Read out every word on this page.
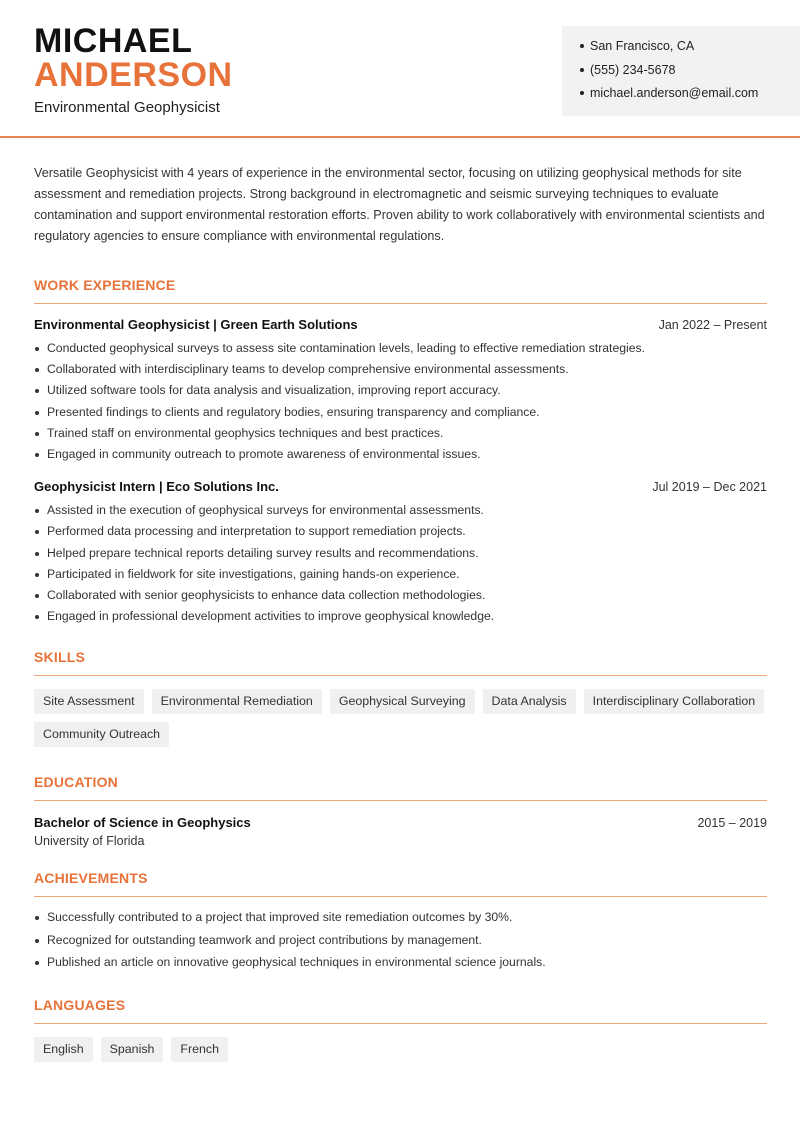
MICHAEL
ANDERSON
Environmental Geophysicist
San Francisco, CA
(555) 234-5678
michael.anderson@email.com

Versatile Geophysicist with 4 years of experience in the environmental sector, focusing on utilizing geophysical methods for site assessment and remediation projects. Strong background in electromagnetic and seismic surveying techniques to evaluate contamination and support environmental restoration efforts. Proven ability to work collaboratively with environmental scientists and regulatory agencies to ensure compliance with environmental regulations.

WORK EXPERIENCE
Environmental Geophysicist | Green Earth Solutions	Jan 2022 – Present
Conducted geophysical surveys to assess site contamination levels, leading to effective remediation strategies.
Collaborated with interdisciplinary teams to develop comprehensive environmental assessments.
Utilized software tools for data analysis and visualization, improving report accuracy.
Presented findings to clients and regulatory bodies, ensuring transparency and compliance.
Trained staff on environmental geophysics techniques and best practices.
Engaged in community outreach to promote awareness of environmental issues.
Geophysicist Intern | Eco Solutions Inc.	Jul 2019 – Dec 2021
Assisted in the execution of geophysical surveys for environmental assessments.
Performed data processing and interpretation to support remediation projects.
Helped prepare technical reports detailing survey results and recommendations.
Participated in fieldwork for site investigations, gaining hands-on experience.
Collaborated with senior geophysicists to enhance data collection methodologies.
Engaged in professional development activities to improve geophysical knowledge.
SKILLS
Site Assessment	Environmental Remediation	Geophysical Surveying	Data Analysis	Interdisciplinary Collaboration
Community Outreach
EDUCATION
Bachelor of Science in Geophysics	2015 – 2019
University of Florida
ACHIEVEMENTS
Successfully contributed to a project that improved site remediation outcomes by 30%.
Recognized for outstanding teamwork and project contributions by management.
Published an article on innovative geophysical techniques in environmental science journals.
LANGUAGES
English	Spanish	French
